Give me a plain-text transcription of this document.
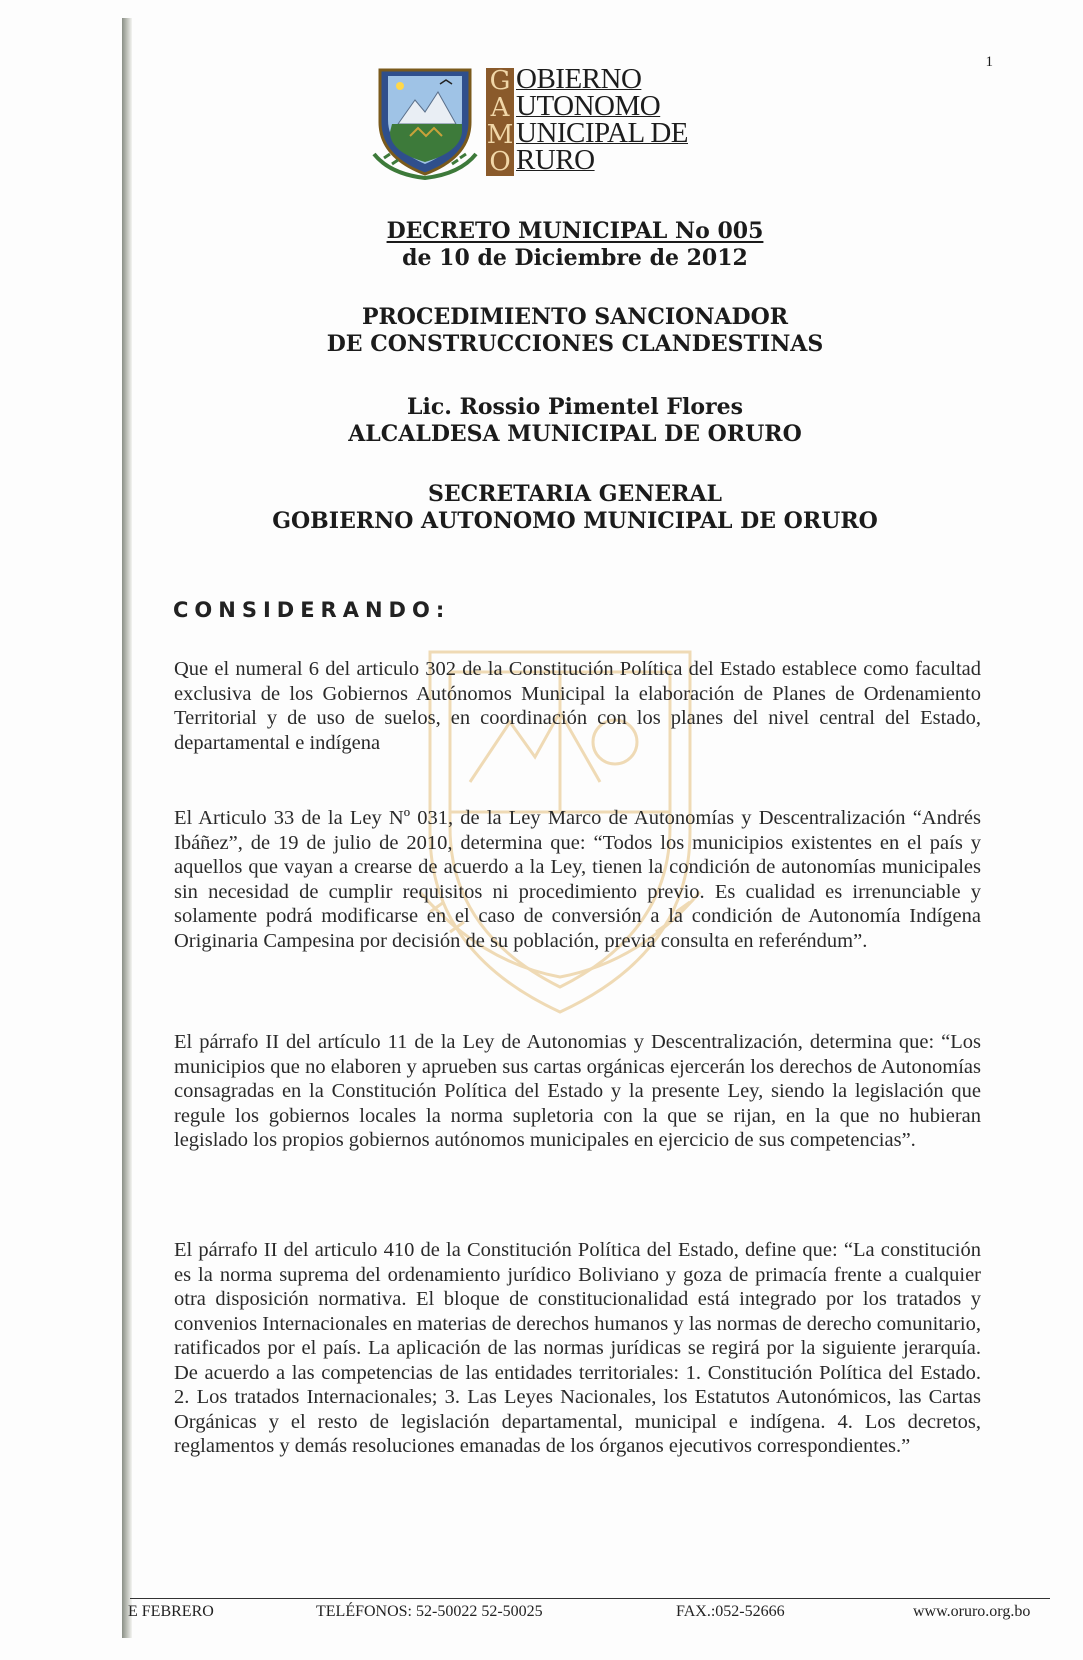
1
G
A
M
O
OBIERNO
UTONOMO
UNICIPAL DE
RURO
DECRETO MUNICIPAL No 005
de 10 de Diciembre de 2012
PROCEDIMIENTO SANCIONADOR
DE CONSTRUCCIONES CLANDESTINAS
Lic. Rossio Pimentel Flores
ALCALDESA MUNICIPAL DE ORURO
SECRETARIA GENERAL
GOBIERNO AUTONOMO MUNICIPAL DE ORURO
CONSIDERANDO:
Que el numeral 6 del articulo 302 de la Constitución Política del Estado establece como facultad exclusiva de los Gobiernos Autónomos Municipal la elaboración de Planes de Ordenamiento Territorial y de uso de suelos, en coordinación con los planes del nivel central del Estado, departamental e indígena
El Articulo 33 de la Ley Nº 031, de la Ley Marco de Autonomías y Descentralización “Andrés Ibáñez”, de 19 de julio de 2010, determina que: “Todos los municipios existentes en el país y aquellos que vayan a crearse de acuerdo a la Ley, tienen la condición de autonomías municipales sin necesidad de cumplir requisitos ni procedimiento previo. Es cualidad es irrenunciable y solamente podrá modificarse en el caso de conversión a la condición de Autonomía Indígena Originaria Campesina por decisión de su población, previa consulta en referéndum”.
El párrafo II del artículo 11 de la Ley de Autonomias y Descentralización, determina que: “Los municipios que no elaboren y aprueben sus cartas orgánicas ejercerán los derechos de Autonomías consagradas en la Constitución Política del Estado y la presente Ley, siendo la legislación que regule los gobiernos locales la norma supletoria con la que se rijan, en la que no hubieran legislado los propios gobiernos autónomos municipales en ejercicio de sus competencias”.
El párrafo II del articulo 410 de la Constitución Política del Estado, define que: “La constitución es la norma suprema del ordenamiento jurídico Boliviano y goza de primacía frente a cualquier otra disposición normativa. El bloque de constitucionalidad está integrado por los tratados y convenios Internacionales en materias de derechos humanos y las normas de derecho comunitario, ratificados por el país. La aplicación de las normas jurídicas se regirá por la siguiente jerarquía. De acuerdo a las competencias de las entidades territoriales: 1. Constitución Política del Estado. 2. Los tratados Internacionales; 3. Las Leyes Nacionales, los Estatutos Autonómicos, las Cartas Orgánicas y el resto de legislación departamental, municipal e indígena. 4. Los decretos, reglamentos y demás resoluciones emanadas de los órganos ejecutivos correspondientes.”
E FEBRERO	TELÉFONOS: 52-50022 52-50025	FAX.:052-52666	www.oruro.org.bo
